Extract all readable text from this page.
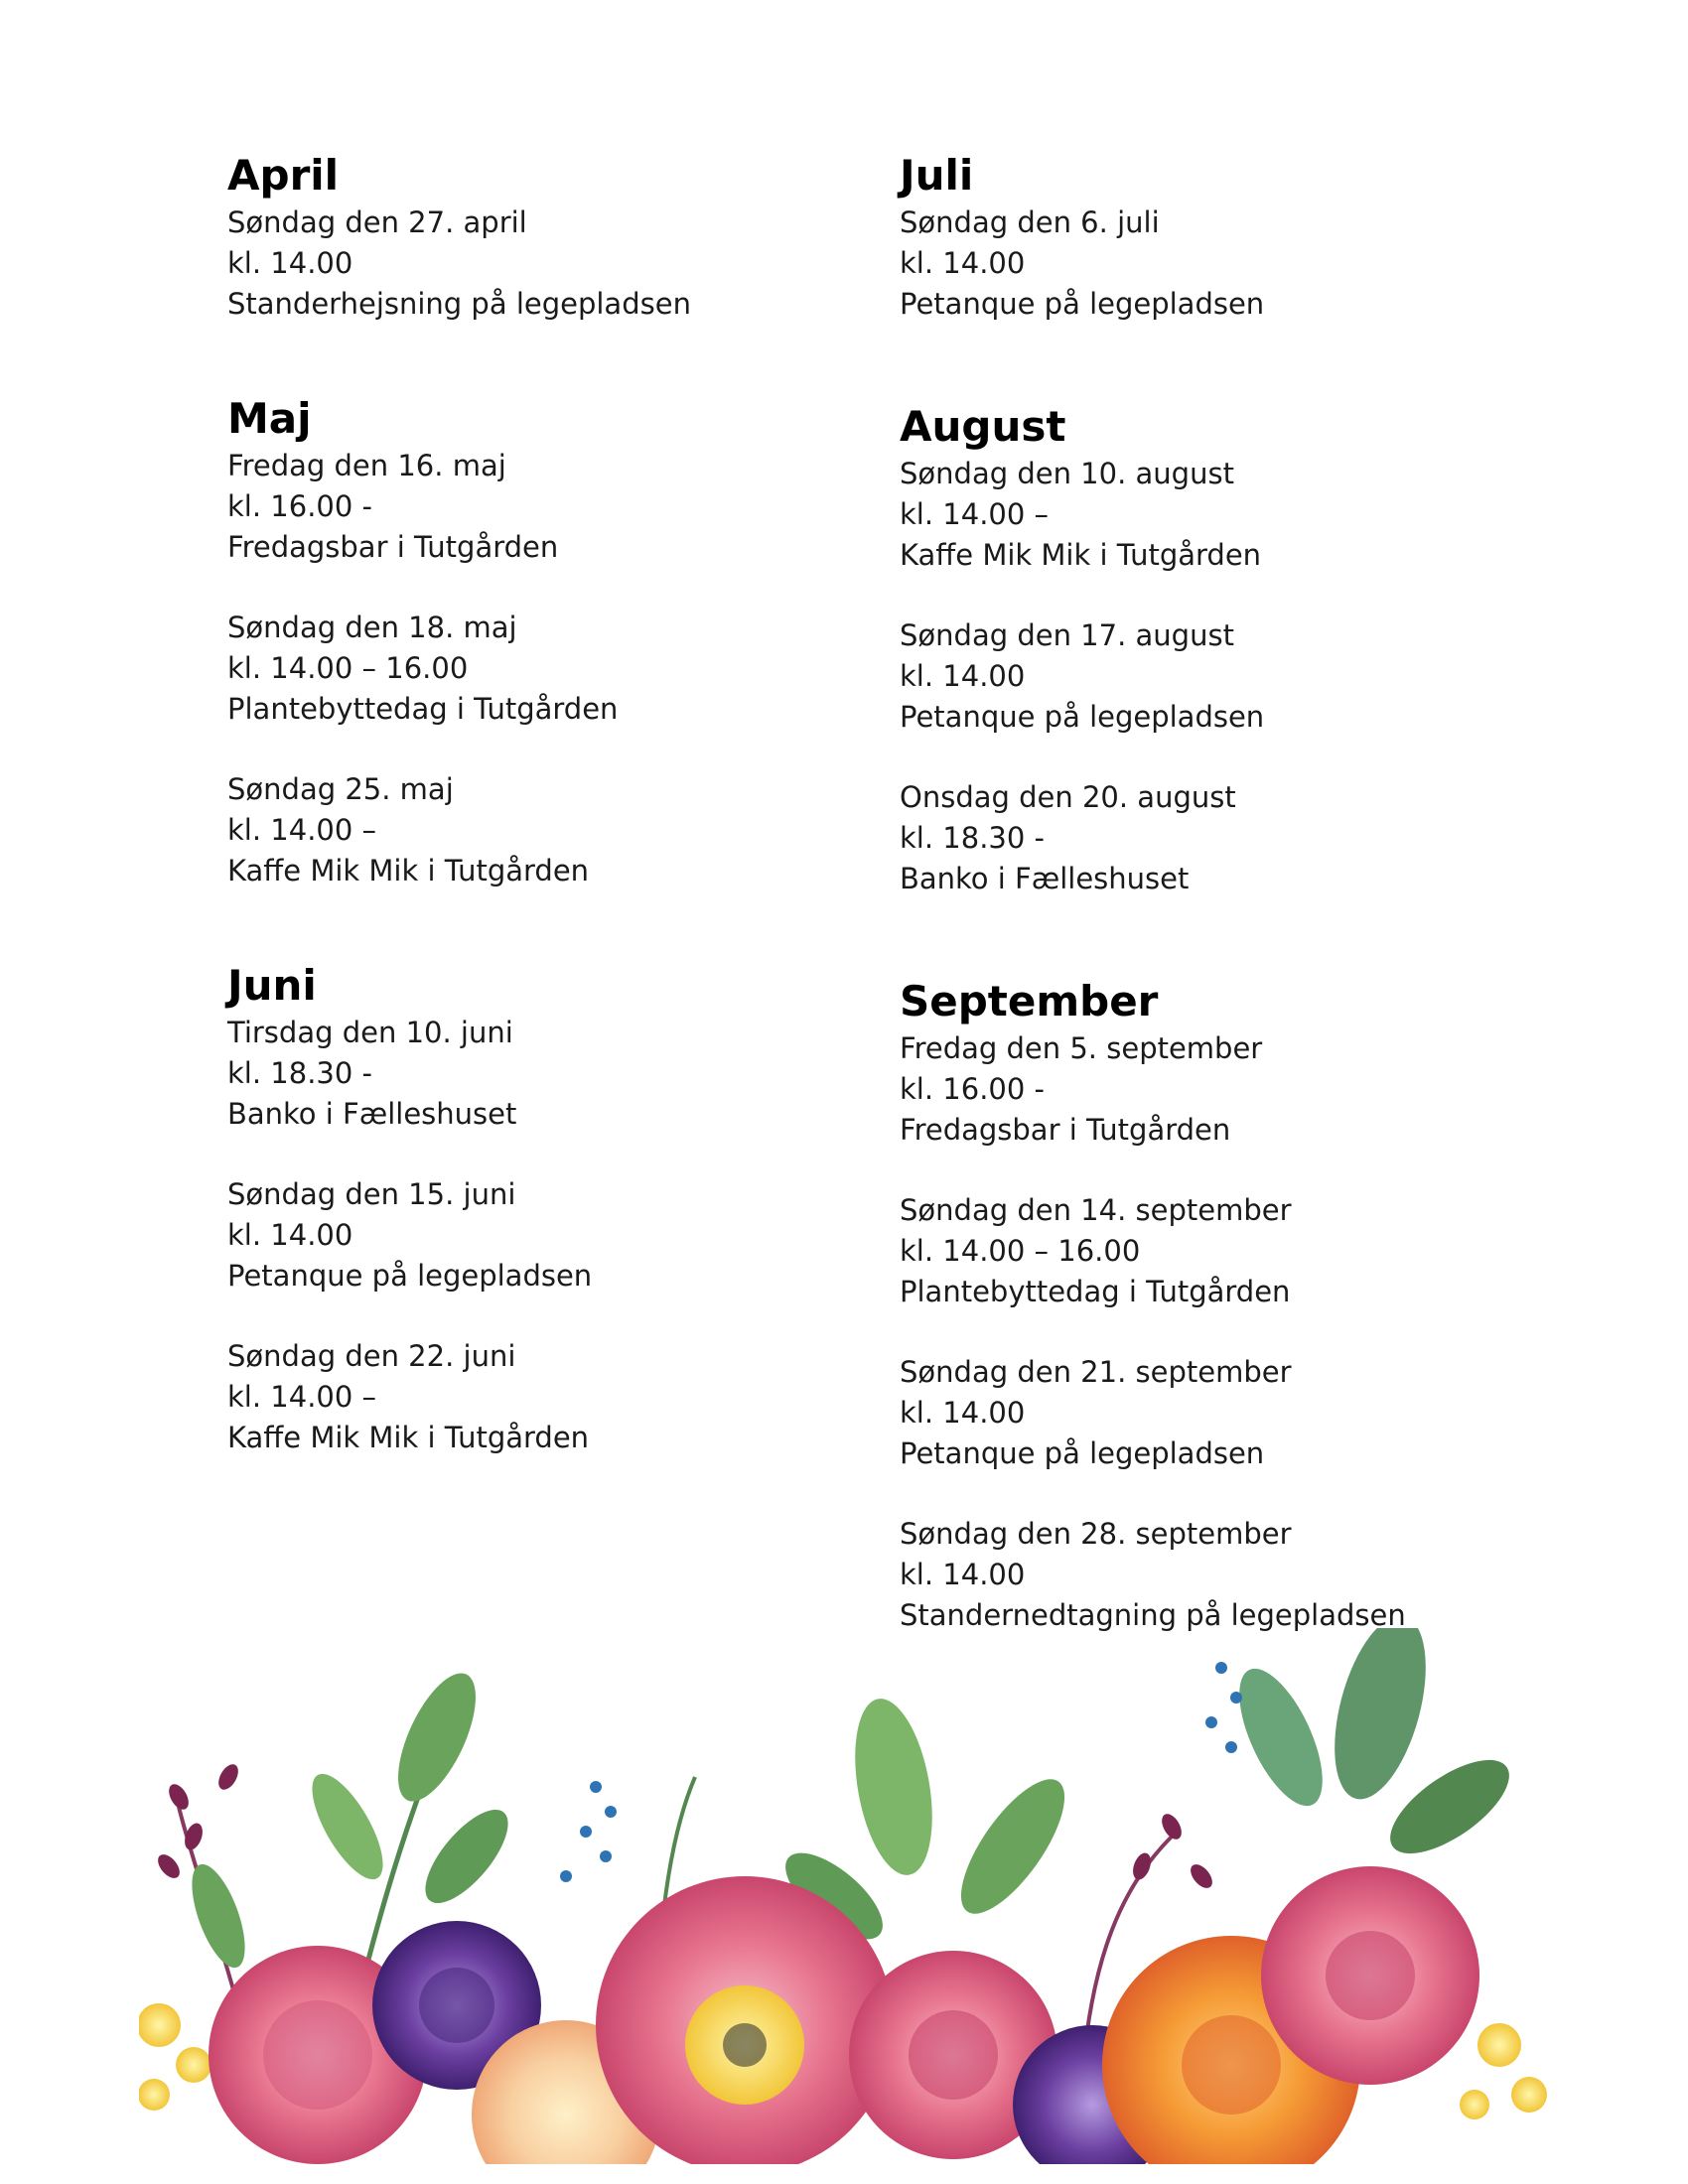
April
Søndag den 27. april
kl. 14.00
Standerhejsning på legepladsen
Maj
Fredag den 16. maj
kl. 16.00 -
Fredagsbar i Tutgården
Søndag den 18. maj
kl. 14.00 – 16.00
Plantebyttedag i Tutgården
Søndag 25. maj
kl. 14.00 –
Kaffe Mik Mik i Tutgården
Juni
Tirsdag den 10. juni
kl. 18.30 -
Banko i Fælleshuset
Søndag den 15. juni
kl. 14.00
Petanque på legepladsen
Søndag den 22. juni
kl. 14.00 –
Kaffe Mik Mik i Tutgården
Juli
Søndag den 6. juli
kl. 14.00
Petanque på legepladsen
August
Søndag den 10. august
kl. 14.00 –
Kaffe Mik Mik i Tutgården
Søndag den 17. august
kl. 14.00
Petanque på legepladsen
Onsdag den 20. august
kl. 18.30 -
Banko i Fælleshuset
September
Fredag den 5. september
kl. 16.00 -
Fredagsbar i Tutgården
Søndag den 14. september
kl. 14.00 – 16.00
Plantebyttedag i Tutgården
Søndag den 21. september
kl. 14.00
Petanque på legepladsen
Søndag den 28. september
kl. 14.00
Standernedtagning på legepladsen
